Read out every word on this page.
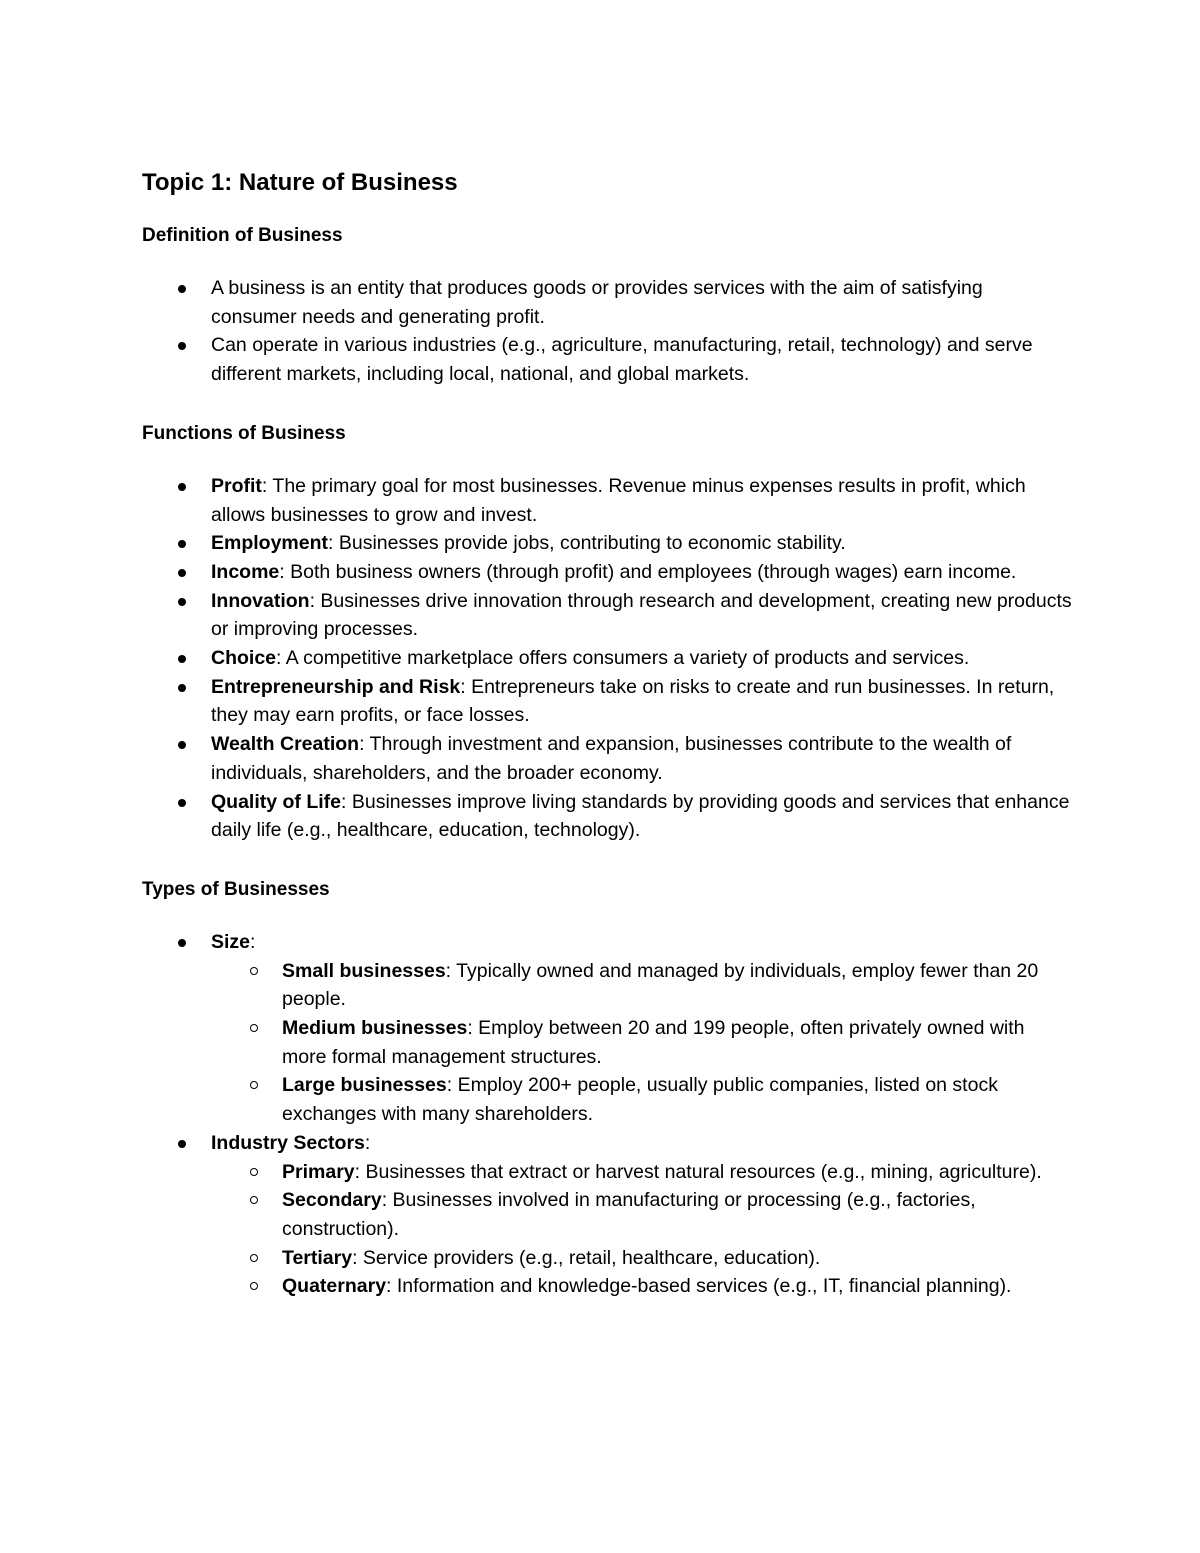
Topic 1: Nature of Business
Definition of Business
A business is an entity that produces goods or provides services with the aim of satisfying consumer needs and generating profit.
Can operate in various industries (e.g., agriculture, manufacturing, retail, technology) and serve different markets, including local, national, and global markets.
Functions of Business
Profit: The primary goal for most businesses. Revenue minus expenses results in profit, which allows businesses to grow and invest.
Employment: Businesses provide jobs, contributing to economic stability.
Income: Both business owners (through profit) and employees (through wages) earn income.
Innovation: Businesses drive innovation through research and development, creating new products or improving processes.
Choice: A competitive marketplace offers consumers a variety of products and services.
Entrepreneurship and Risk: Entrepreneurs take on risks to create and run businesses. In return, they may earn profits, or face losses.
Wealth Creation: Through investment and expansion, businesses contribute to the wealth of individuals, shareholders, and the broader economy.
Quality of Life: Businesses improve living standards by providing goods and services that enhance daily life (e.g., healthcare, education, technology).
Types of Businesses
Size:
Small businesses: Typically owned and managed by individuals, employ fewer than 20 people.
Medium businesses: Employ between 20 and 199 people, often privately owned with more formal management structures.
Large businesses: Employ 200+ people, usually public companies, listed on stock exchanges with many shareholders.
Industry Sectors:
Primary: Businesses that extract or harvest natural resources (e.g., mining, agriculture).
Secondary: Businesses involved in manufacturing or processing (e.g., factories, construction).
Tertiary: Service providers (e.g., retail, healthcare, education).
Quaternary: Information and knowledge-based services (e.g., IT, financial planning).
